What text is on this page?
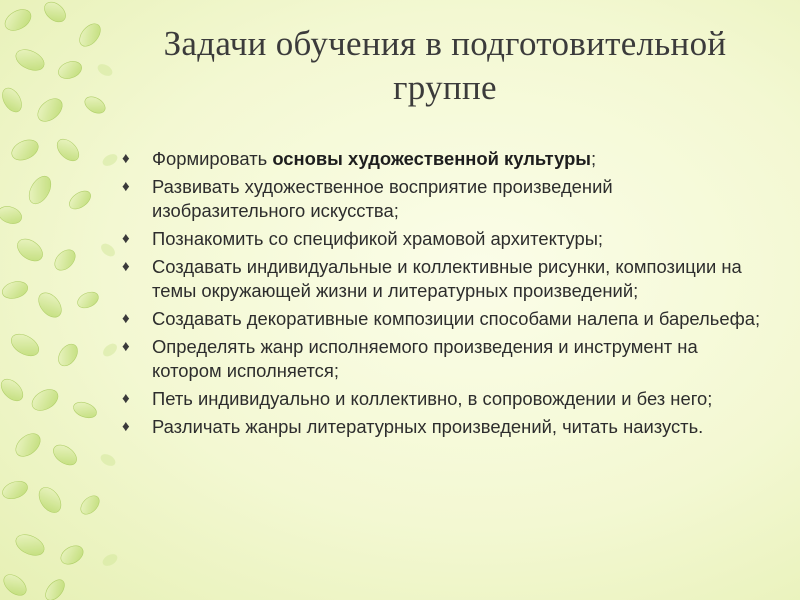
Задачи обучения в подготовительной
группе
♦ Формировать основы художественной культуры;
♦ Развивать художественное восприятие произведений изобразительного искусства;
♦ Познакомить со спецификой храмовой архитектуры;
♦ Создавать индивидуальные и коллективные рисунки, композиции на темы окружающей жизни и литературных произведений;
♦ Создавать декоративные композиции способами налепа и барельефа;
♦ Определять жанр исполняемого произведения и инструмент на котором исполняется;
♦ Петь индивидуально и коллективно, в сопровождении и без него;
♦ Различать жанры литературных произведений, читать наизусть.
